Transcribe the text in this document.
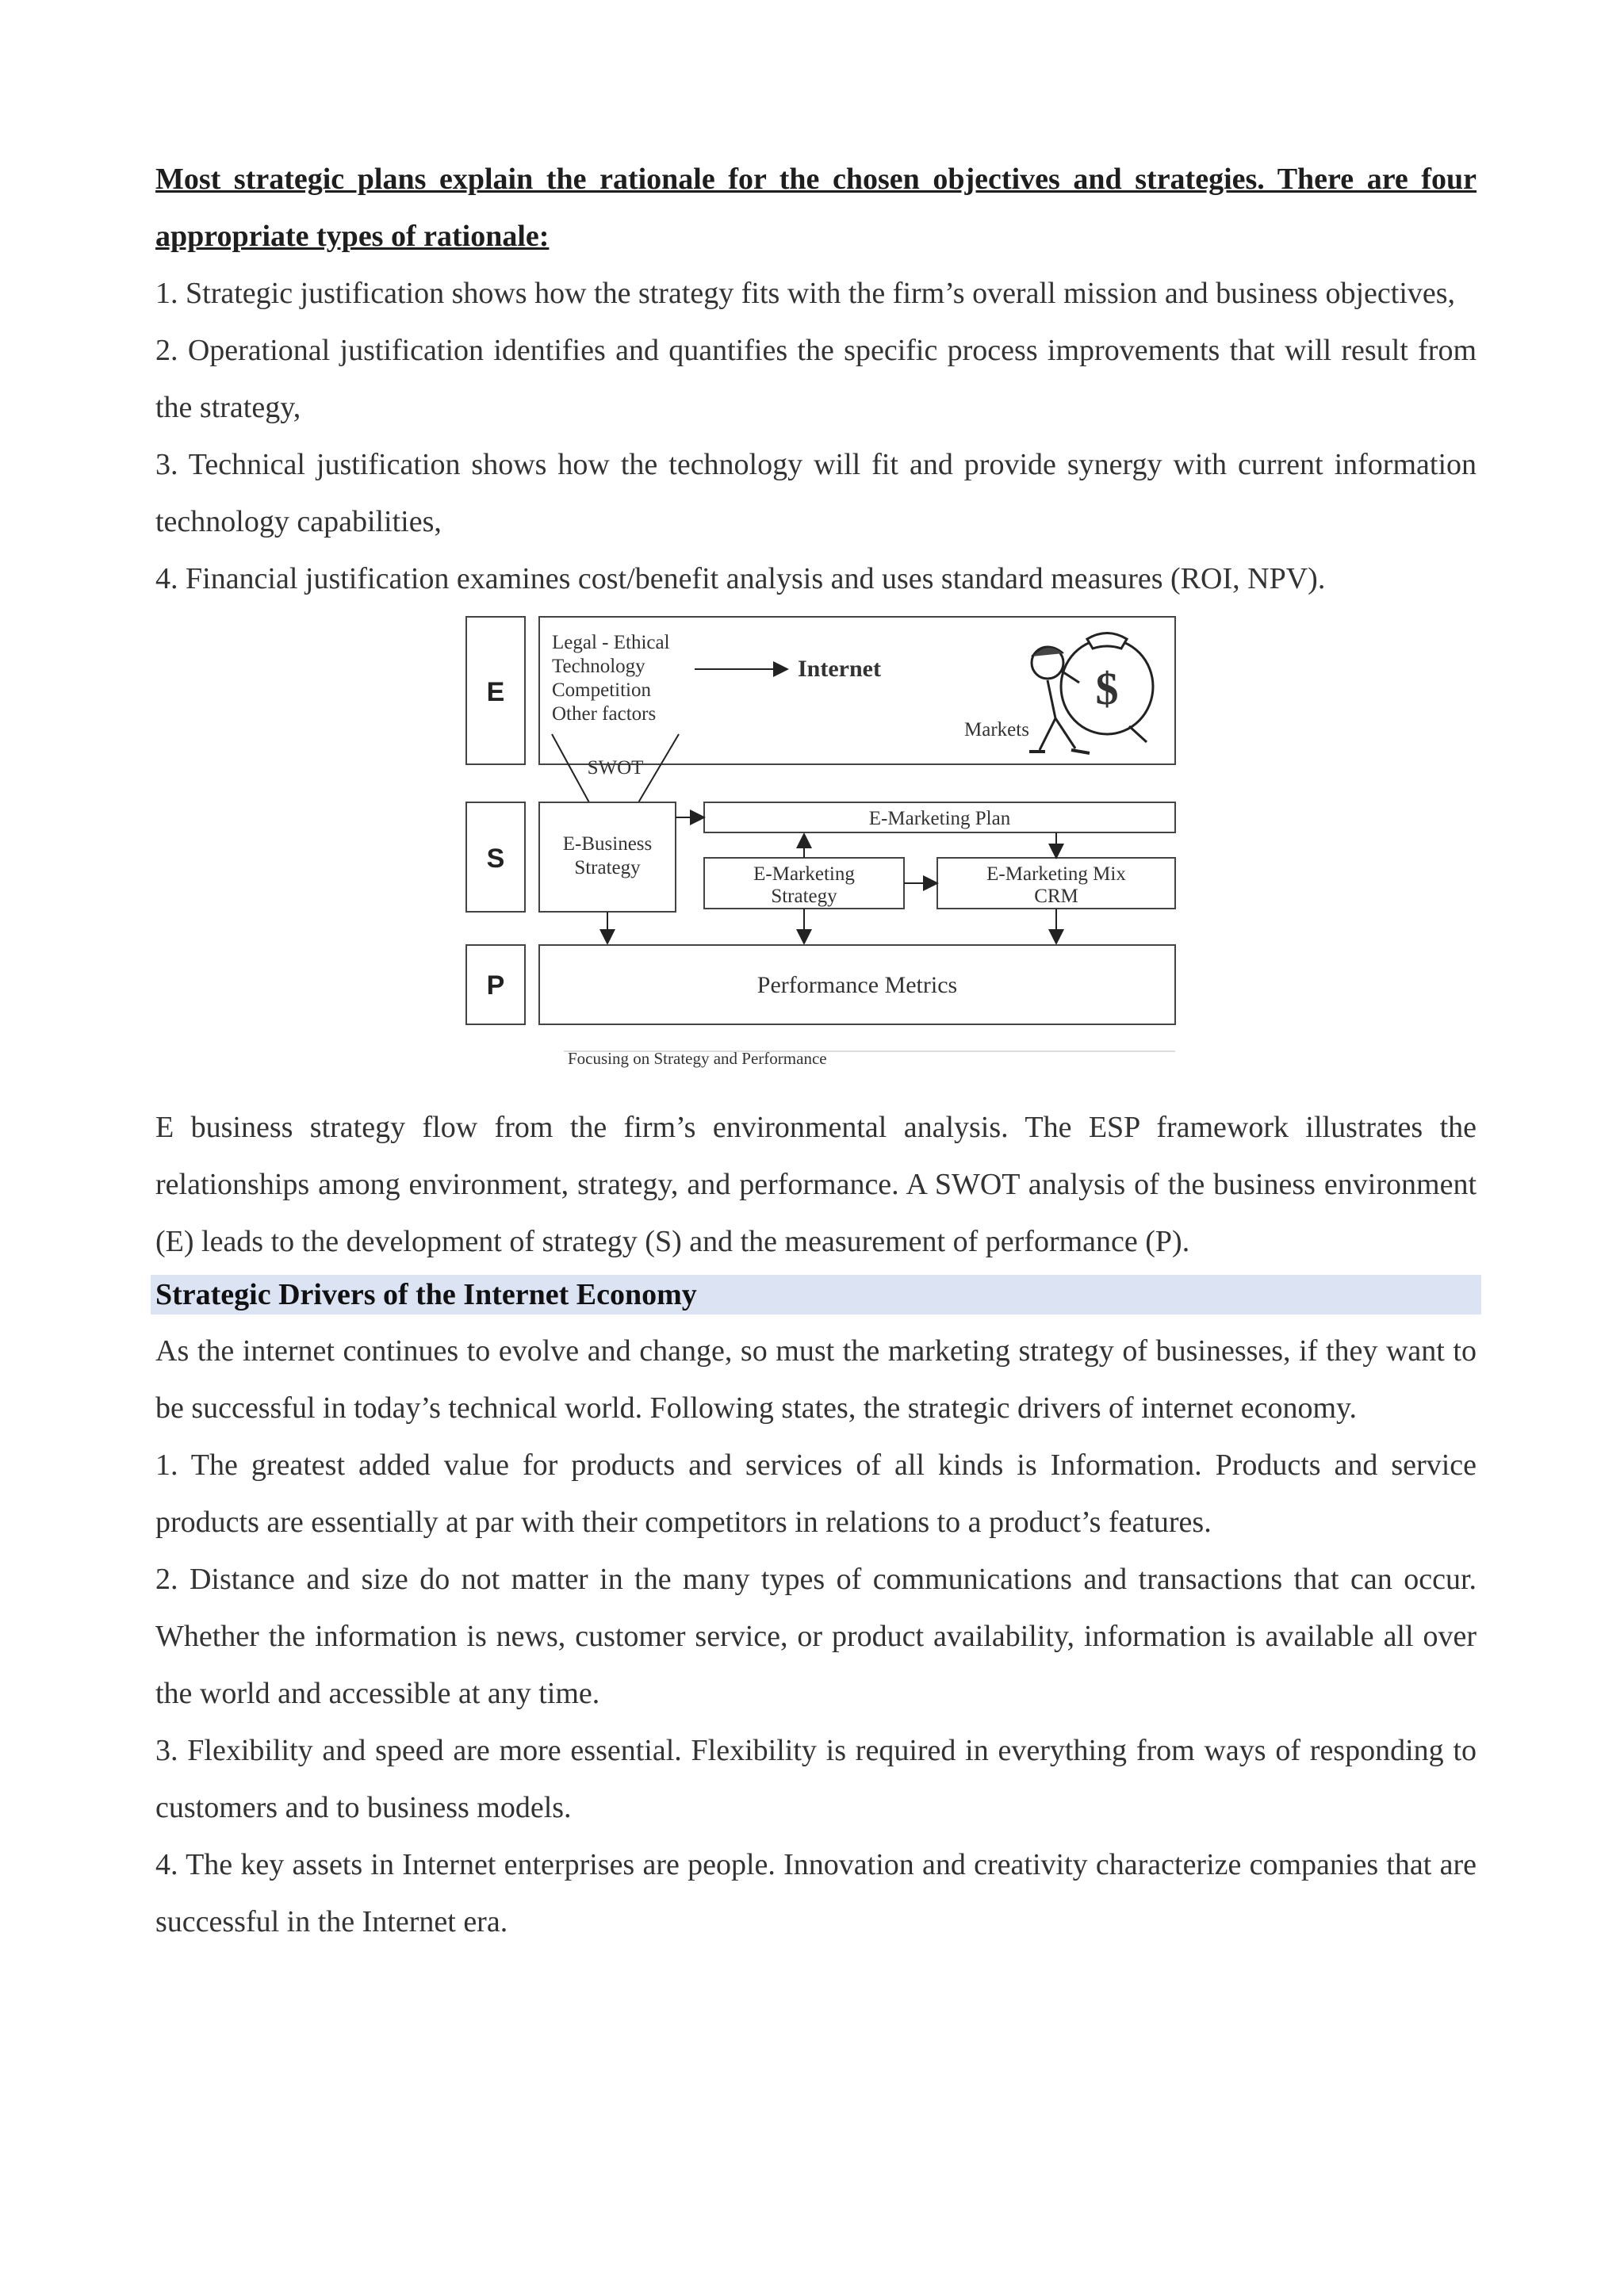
Most strategic plans explain the rationale for the chosen objectives and strategies. There are four appropriate types of rationale:

1. Strategic justification shows how the strategy fits with the firm’s overall mission and business objectives,

2. Operational justification identifies and quantifies the specific process improvements that will result from the strategy,

3. Technical justification shows how the technology will fit and provide synergy with current information technology capabilities,

4. Financial justification examines cost/benefit analysis and uses standard measures (ROI, NPV).

E
Legal - Ethical
Technology
Competition
Other factors
Internet
Markets
$
SWOT
S	E-Business
Strategy
E-Marketing Plan
E-Marketing
Strategy
E-Marketing Mix
CRM
P	Performance Metrics
Focusing on Strategy and Performance

E business strategy flow from the firm’s environmental analysis. The ESP framework illustrates the relationships among environment, strategy, and performance. A SWOT analysis of the business environment (E) leads to the development of strategy (S) and the measurement of performance (P).

Strategic Drivers of the Internet Economy

As the internet continues to evolve and change, so must the marketing strategy of businesses, if they want to be successful in today’s technical world. Following states, the strategic drivers of internet economy.

1. The greatest added value for products and services of all kinds is Information. Products and service products are essentially at par with their competitors in relations to a product’s features.

2. Distance and size do not matter in the many types of communications and transactions that can occur. Whether the information is news, customer service, or product availability, information is available all over the world and accessible at any time.

3. Flexibility and speed are more essential. Flexibility is required in everything from ways of responding to customers and to business models.

4. The key assets in Internet enterprises are people. Innovation and creativity characterize companies that are successful in the Internet era.
